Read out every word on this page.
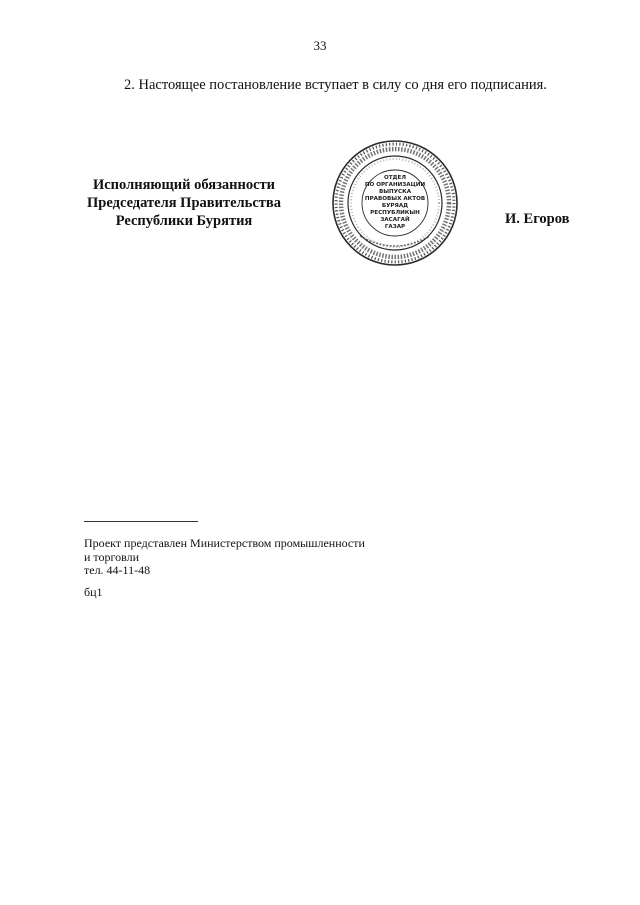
33
2. Настоящее постановление вступает в силу со дня его подписания.
Исполняющий обязанности
Председателя Правительства
Республики Бурятия
ОТДЕЛ
ПО ОРГАНИЗАЦИИ
ВЫПУСКА
ПРАВОВЫХ АКТОВ
БУРЯАД
РЕСПУБЛИКЫН
ЗАСАГАЙ
ГАЗАР	И. Егоров
Проект представлен Министерством промышленности
и торговли
тел. 44-11-48
бц1
